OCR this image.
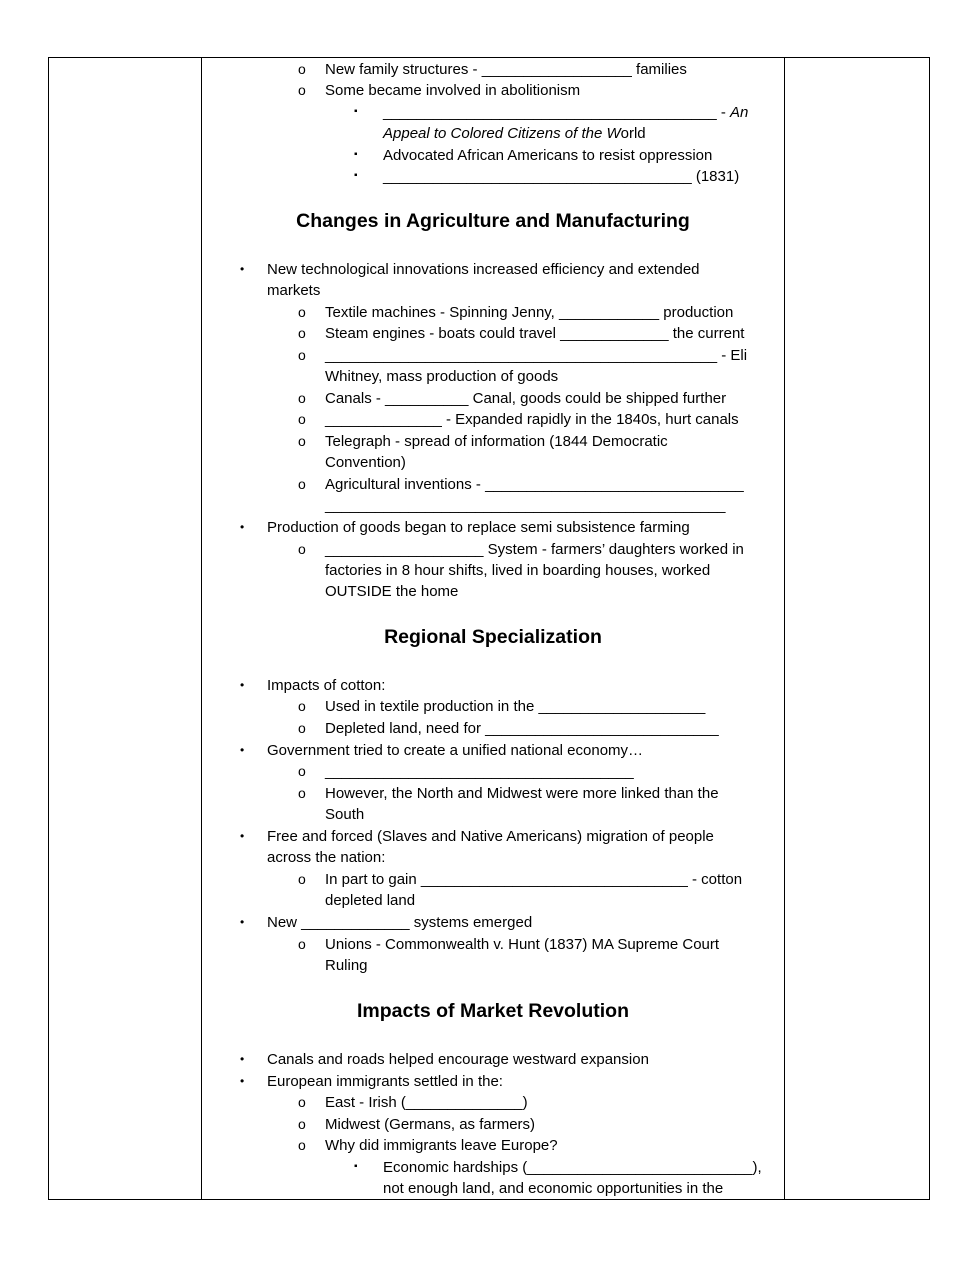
o New family structures - __________________ families
o Some became involved in abolitionism
▪ ________________________________________ - An
Appeal to Colored Citizens of the World
▪ Advocated African Americans to resist oppression
▪ _____________________________________ (1831)
Changes in Agriculture and Manufacturing
• New technological innovations increased efficiency and extended
markets
o Textile machines - Spinning Jenny, ____________ production
o Steam engines - boats could travel _____________ the current
o _______________________________________________ - Eli
Whitney, mass production of goods
o Canals - __________ Canal, goods could be shipped further
o ______________ - Expanded rapidly in the 1840s, hurt canals
o Telegraph - spread of information (1844 Democratic
Convention)
o Agricultural inventions - _______________________________
________________________________________________
• Production of goods began to replace semi subsistence farming
o ___________________ System - farmers’ daughters worked in
factories in 8 hour shifts, lived in boarding houses, worked
OUTSIDE the home
Regional Specialization
• Impacts of cotton:
o Used in textile production in the ____________________
o Depleted land, need for ____________________________
• Government tried to create a unified national economy…
o _____________________________________
o However, the North and Midwest were more linked than the
South
• Free and forced (Slaves and Native Americans) migration of people
across the nation:
o In part to gain ________________________________ - cotton
depleted land
• New _____________ systems emerged
o Unions - Commonwealth v. Hunt (1837) MA Supreme Court
Ruling
Impacts of Market Revolution
• Canals and roads helped encourage westward expansion
• European immigrants settled in the:
o East - Irish (______________)
o Midwest (Germans, as farmers)
o Why did immigrants leave Europe?
▪ Economic hardships (___________________________),
not enough land, and economic opportunities in the
